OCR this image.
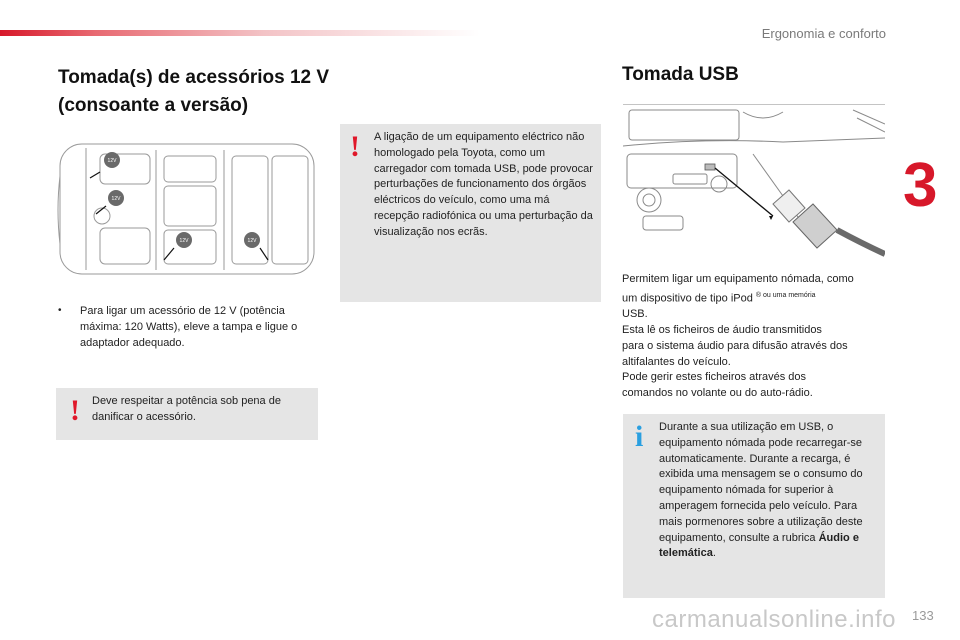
Ergonomia e conforto
3
Tomada(s) de acessórios 12 V
(consoante a versão)
12V
12V
12V	12V
•	Para ligar um acessório de 12 V (potência máxima: 120 Watts), eleve a tampa e ligue o adaptador adequado.
! Deve respeitar a potência sob pena de danificar o acessório.
! A ligação de um equipamento eléctrico não homologado pela Toyota, como um carregador com tomada USB, pode provocar perturbações de funcionamento dos órgãos eléctricos do veículo, como uma má recepção radiofónica ou uma perturbação da visualização nos ecrãs.
Tomada USB
Permitem ligar um equipamento nómada, como
um dispositivo de tipo iPod $^{® ou uma memória}$
USB.
Esta lê os ficheiros de áudio transmitidos
para o sistema áudio para difusão através dos
altifalantes do veículo.
Pode gerir estes ficheiros através dos
comandos no volante ou do auto-rádio.
i Durante a sua utilização em USB, o equipamento nómada pode recarregar-se automaticamente. Durante a recarga, é exibida uma mensagem se o consumo do equipamento nómada for superior à amperagem fornecida pelo veículo. Para mais pormenores sobre a utilização deste equipamento, consulte a rubrica Áudio e telemática.
carmanualsonline.info 133
